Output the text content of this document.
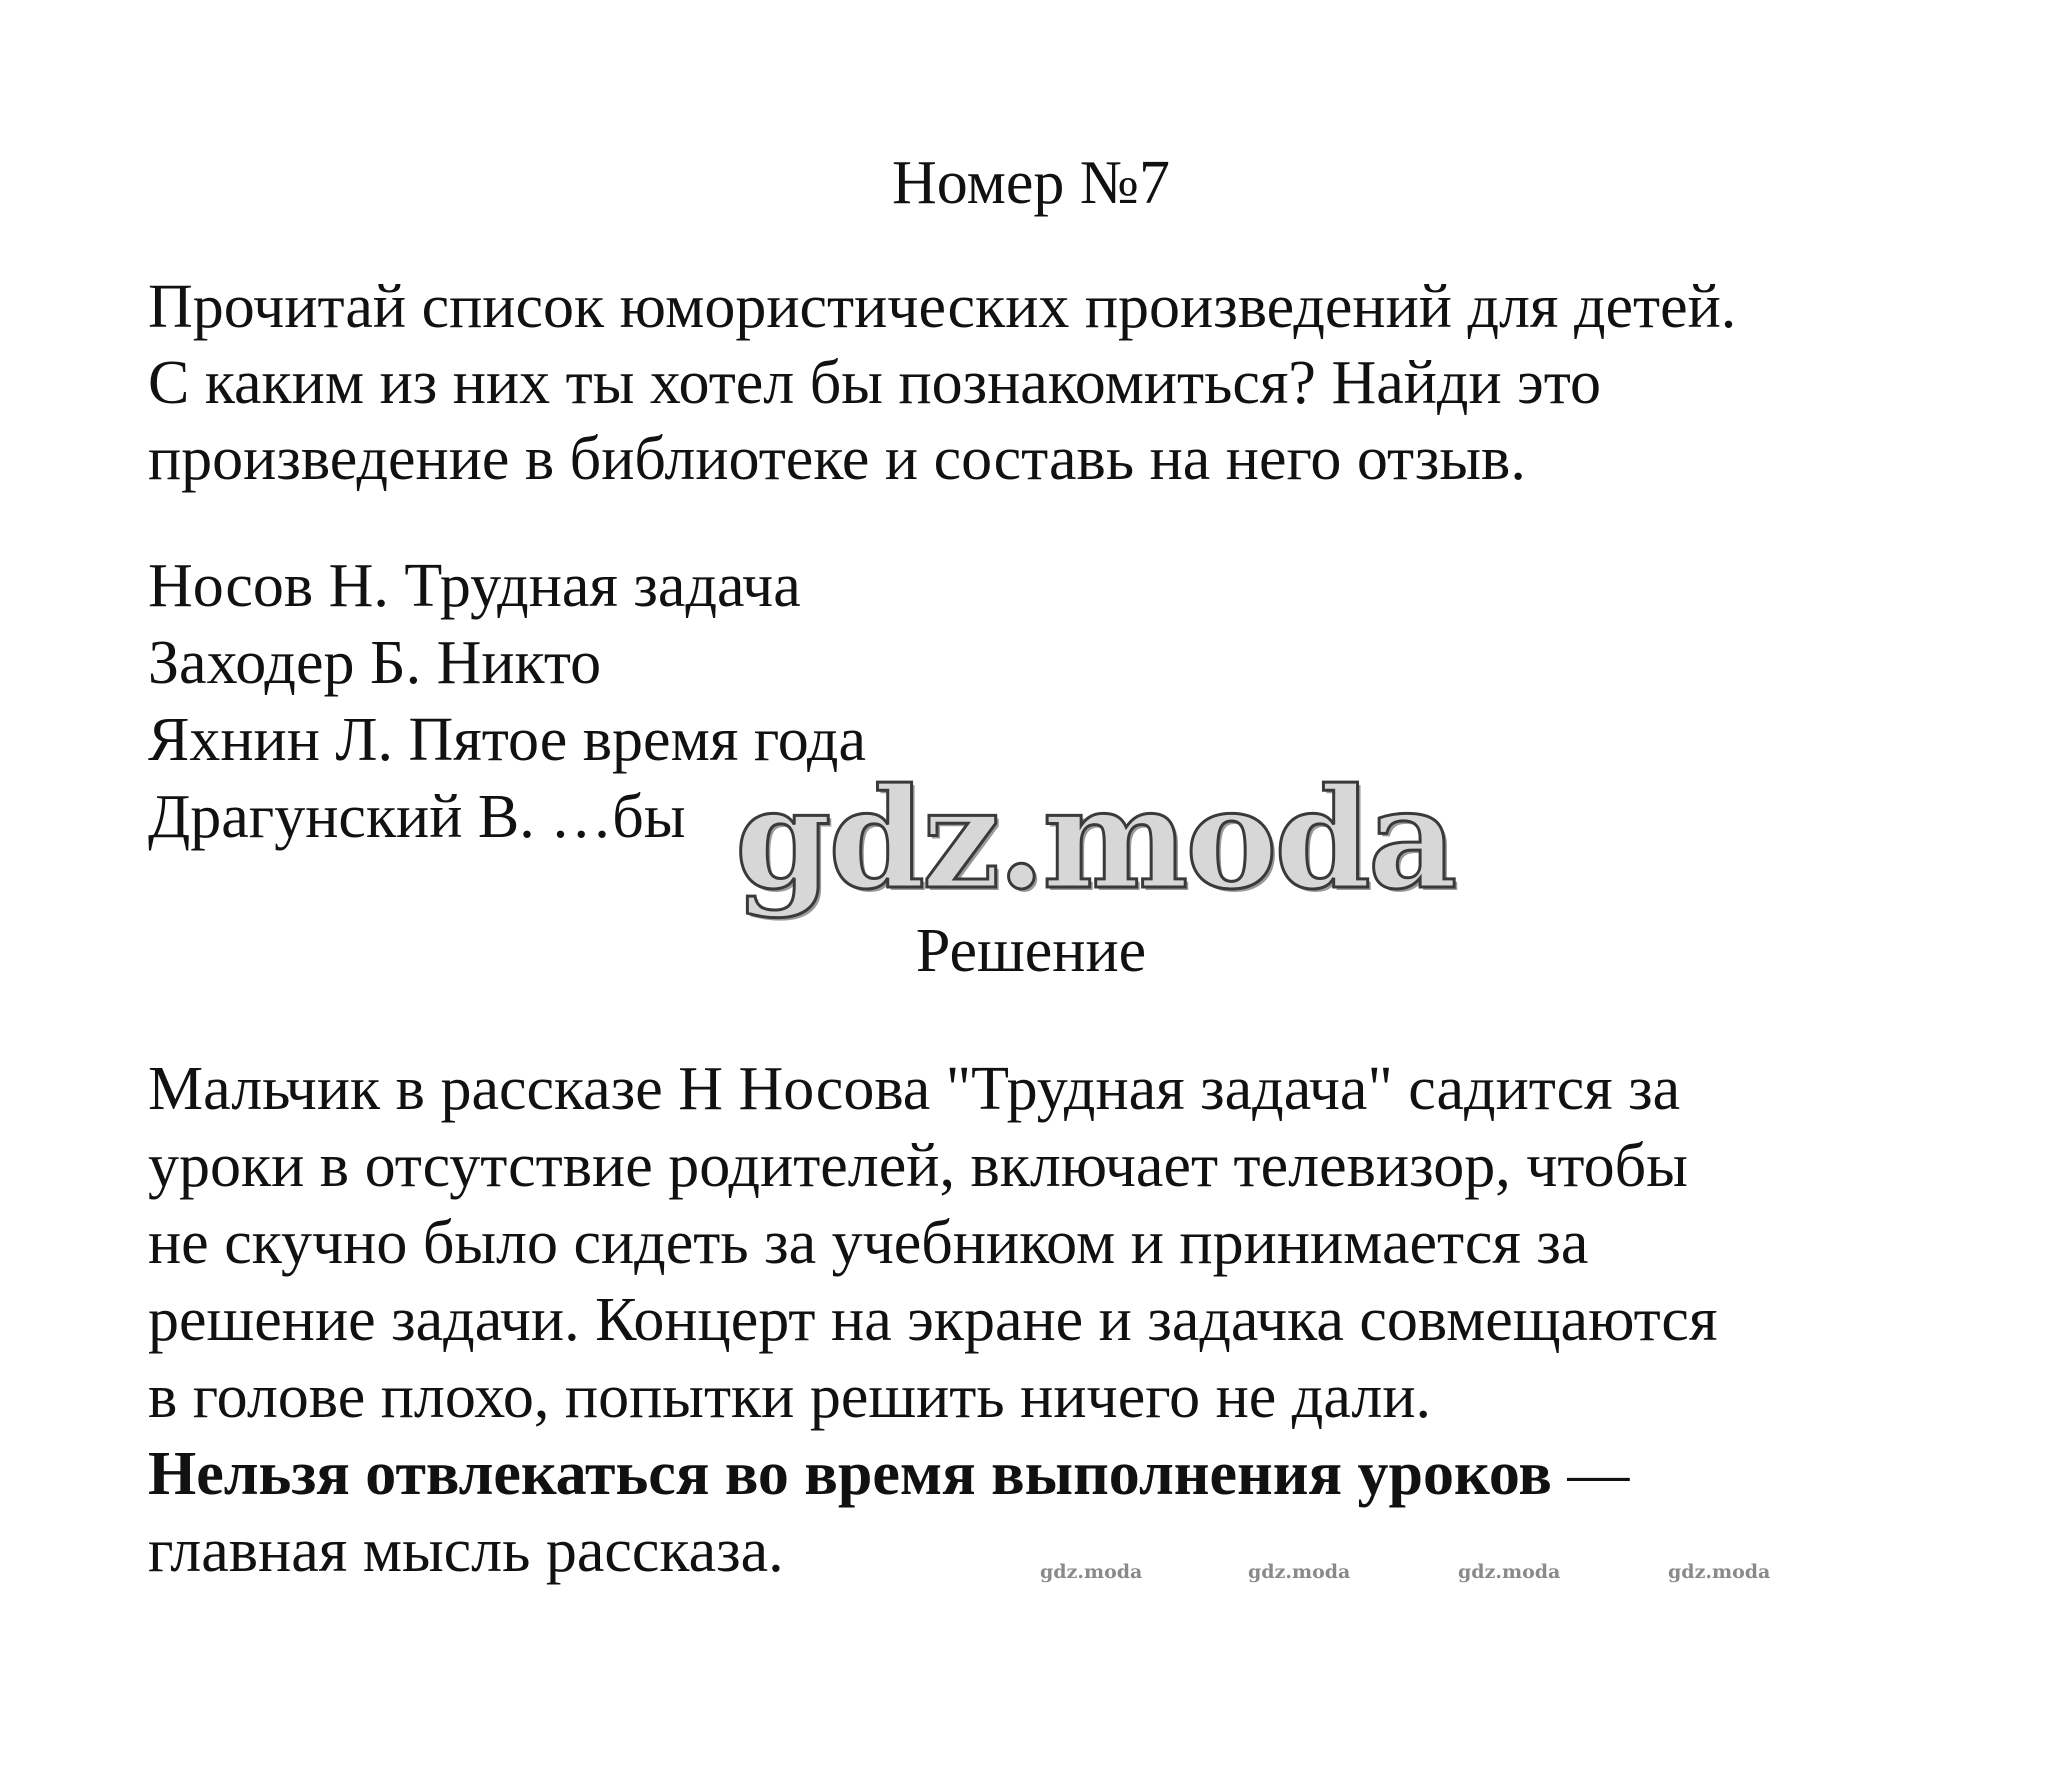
Номер №7
Прочитай список юмористических произведений для детей.
С каким из них ты хотел бы познакомиться? Найди это
произведение в библиотеке и составь на него отзыв.
Носов Н. Трудная задача
Заходер Б. Никто
Яхнин Л. Пятое время года
Драгунский В. …бы gdz.moda
Решение
Мальчик в рассказе Н Носова "Трудная задача" садится за
уроки в отсутствие родителей, включает телевизор, чтобы
не скучно было сидеть за учебником и принимается за
решение задачи. Концерт на экране и задачка совмещаются
в голове плохо, попытки решить ничего не дали.
Нельзя отвлекаться во время выполнения уроков —
главная мысль рассказа.	gdz.moda	gdz.moda	gdz.moda	gdz.moda
